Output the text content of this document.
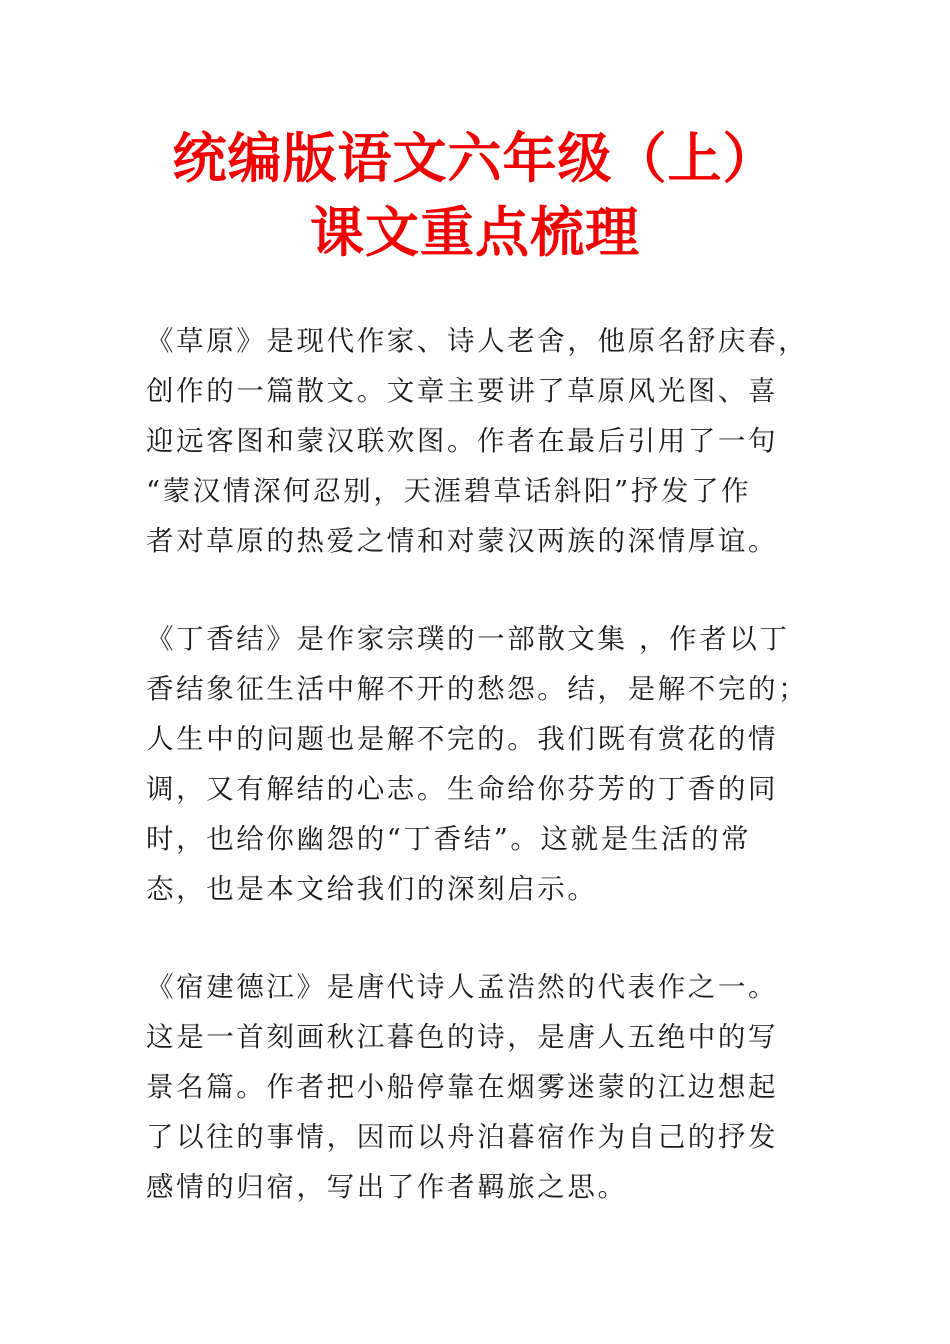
统编版语文六年级（上）
课文重点梳理
《草原》是现代作家、诗人老舍，他原名舒庆春，
创作的一篇散文。文章主要讲了草原风光图、喜
迎远客图和蒙汉联欢图。作者在最后引用了一句
“蒙汉情深何忍别，天涯碧草话斜阳”抒发了作
者对草原的热爱之情和对蒙汉两族的深情厚谊。
《丁香结》是作家宗璞的一部散文集 ，作者以丁
香结象征生活中解不开的愁怨。结，是解不完的；
人生中的问题也是解不完的。我们既有赏花的情
调，又有解结的心志。生命给你芬芳的丁香的同
时，也给你幽怨的“丁香结”。这就是生活的常
态，也是本文给我们的深刻启示。
《宿建德江》是唐代诗人孟浩然的代表作之一。
这是一首刻画秋江暮色的诗，是唐人五绝中的写
景名篇。作者把小船停靠在烟雾迷蒙的江边想起
了以往的事情，因而以舟泊暮宿作为自己的抒发
感情的归宿，写出了作者羁旅之思。
